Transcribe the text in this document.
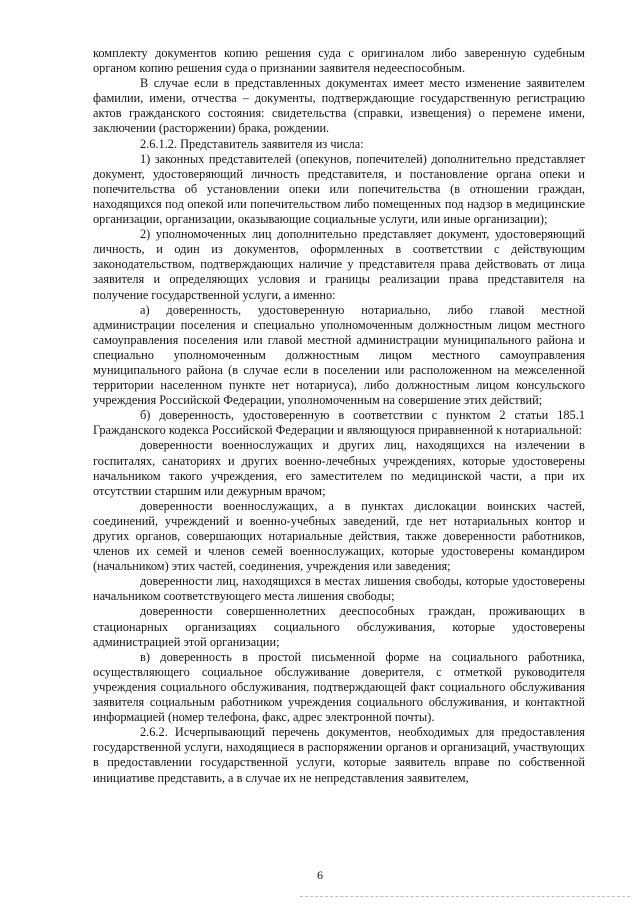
комплекту документов копию решения суда с оригиналом либо заверенную судебным органом копию решения суда о признании заявителя недееспособным.

В случае если в представленных документах имеет место изменение заявителем фамилии, имени, отчества – документы, подтверждающие государственную регистрацию актов гражданского состояния: свидетельства (справки, извещения) о перемене имени, заключении (расторжении) брака, рождении.

2.6.1.2. Представитель заявителя из числа:

1) законных представителей (опекунов, попечителей) дополнительно представляет документ, удостоверяющий личность представителя, и постановление органа опеки и попечительства об установлении опеки или попечительства (в отношении граждан, находящихся под опекой или попечительством либо помещенных под надзор в медицинские организации, организации, оказывающие социальные услуги, или иные организации);

2) уполномоченных лиц дополнительно представляет документ, удостоверяющий личность, и один из документов, оформленных в соответствии с действующим законодательством, подтверждающих наличие у представителя права действовать от лица заявителя и определяющих условия и границы реализации права представителя на получение государственной услуги, а именно:

а) доверенность, удостоверенную нотариально, либо главой местной администрации поселения и специально уполномоченным должностным лицом местного самоуправления поселения или главой местной администрации муниципального района и специально уполномоченным должностным лицом местного самоуправления муниципального района (в случае если в поселении или расположенном на межселенной территории населенном пункте нет нотариуса), либо должностным лицом консульского учреждения Российской Федерации, уполномоченным на совершение этих действий;

б) доверенность, удостоверенную в соответствии с пунктом 2 статьи 185.1 Гражданского кодекса Российской Федерации и являющуюся приравненной к нотариальной:

доверенности военнослужащих и других лиц, находящихся на излечении в госпиталях, санаториях и других военно-лечебных учреждениях, которые удостоверены начальником такого учреждения, его заместителем по медицинской части, а при их отсутствии старшим или дежурным врачом;

доверенности военнослужащих, а в пунктах дислокации воинских частей, соединений, учреждений и военно-учебных заведений, где нет нотариальных контор и других органов, совершающих нотариальные действия, также доверенности работников, членов их семей и членов семей военнослужащих, которые удостоверены командиром (начальником) этих частей, соединения, учреждения или заведения;

доверенности лиц, находящихся в местах лишения свободы, которые удостоверены начальником соответствующего места лишения свободы;

доверенности совершеннолетних дееспособных граждан, проживающих в стационарных организациях социального обслуживания, которые удостоверены администрацией этой организации;

в) доверенность в простой письменной форме на социального работника, осуществляющего социальное обслуживание доверителя, с отметкой руководителя учреждения социального обслуживания, подтверждающей факт социального обслуживания заявителя социальным работником учреждения социального обслуживания, и контактной информацией (номер телефона, факс, адрес электронной почты).

2.6.2. Исчерпывающий перечень документов, необходимых для предоставления государственной услуги, находящиеся в распоряжении органов и организаций, участвующих в предоставлении государственной услуги, которые заявитель вправе по собственной инициативе представить, а в случае их не непредставления заявителем,

6
